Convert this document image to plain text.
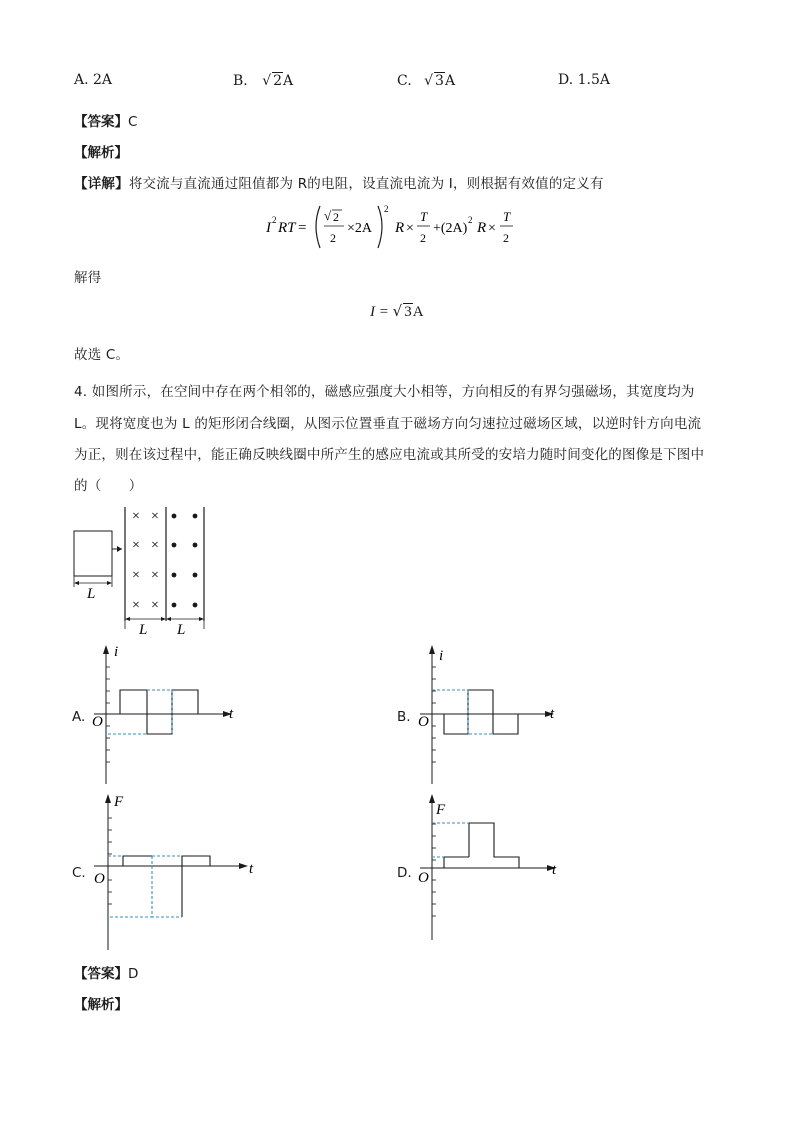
A. 2A	B. √ 2A	C. √ 3A	D. 1.5A
【答案】C
【解析】
【详解】将交流与直流通过阻值都为 R的电阻，设直流电流为 I，则根据有效值的定义有
I 2 RT =
√ 2
2
×2A
2
R ×
T
2
+(2A)
2 R ×
T
2
解得
I = √ 3A
故选 C。
4. 如图所示，在空间中存在两个相邻的，磁感应强度大小相等，方向相反的有界匀强磁场，其宽度均为
L。现将宽度也为 L 的矩形闭合线圈，从图示位置垂直于磁场方向匀速拉过磁场区域，以逆时针方向电流
为正，则在该过程中，能正确反映线圈中所产生的感应电流或其所受的安培力随时间变化的图像是下图中
的（　　）
L
× ×
× ×
× ×
× ×
L L
A.
i
t
O	B.
i
t
O
C.
F
t
O	D.
F
t
O
【答案】D
【解析】
